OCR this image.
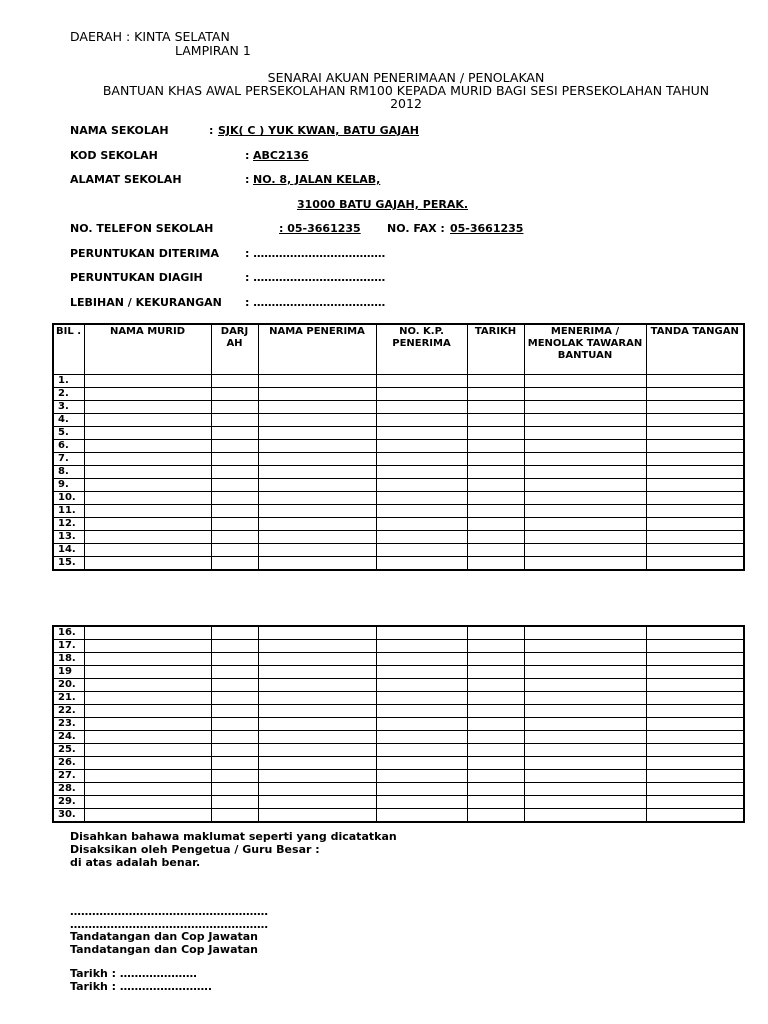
DAERAH : KINTA SELATAN
LAMPIRAN 1
SENARAI AKUAN PENERIMAAN / PENOLAKAN
BANTUAN KHAS AWAL PERSEKOLAHAN RM100 KEPADA MURID BAGI SESI PERSEKOLAHAN TAHUN
2012
NAMA SEKOLAH	: SJK( C ) YUK KWAN, BATU GAJAH
KOD SEKOLAH	: ABC2136
ALAMAT SEKOLAH	: NO. 8, JALAN KELAB,
31000 BATU GAJAH, PERAK.
NO. TELEFON SEKOLAH	: 05-3661235 NO. FAX : 05-3661235
PERUNTUKAN DITERIMA : ………………………………
PERUNTUKAN DIAGIH	: ………………………………
LEBIHAN / KEKURANGAN : ………………………………
BIL .	NAMA MURID	DARJ AH	NAMA PENERIMA	NO. K.P. PENERIMA	TARIKH	MENERIMA / MENOLAK TAWARAN BANTUAN	TANDA TANGAN
1.							
2.							
3.							
4.							
5.							
6.							
7.							
8.							
9.							
10.							
11.							
12.							
13.							
14.							
15.							
16.							
17.							
18.							
19							
20.							
21.							
22.							
23.							
24.							
25.							
26.							
27.							
28.							
29.							
30.							
Disahkan bahawa maklumat seperti yang dicatatkan
Disaksikan oleh Pengetua / Guru Besar :
di atas adalah benar.
………………………………………………
………………………………………………
Tandatangan dan Cop Jawatan
Tandatangan dan Cop Jawatan
Tarikh : …………………
Tarikh : …………………….
